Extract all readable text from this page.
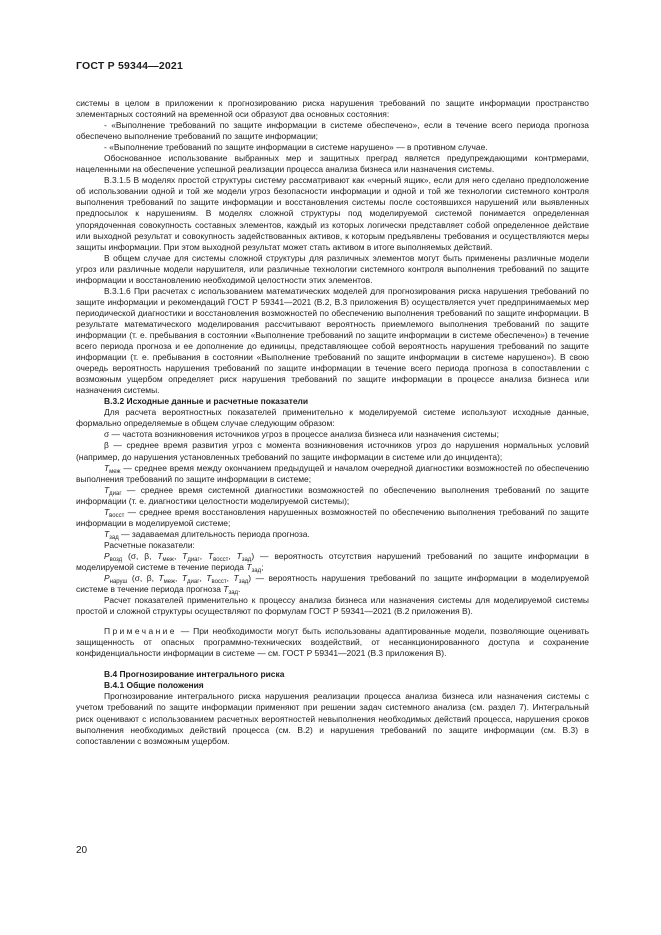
ГОСТ Р 59344—2021

системы в целом в приложении к прогнозированию риска нарушения требований по защите информации пространство элементарных состояний на временной оси образуют два основных состояния:

- «Выполнение требований по защите информации в системе обеспечено», если в течение всего периода прогноза обеспечено выполнение требований по защите информации;

- «Выполнение требований по защите информации в системе нарушено» — в противном случае.

Обоснованное использование выбранных мер и защитных преград является предупреждающими контрмерами, нацеленными на обеспечение успешной реализации процесса анализа бизнеса или назначения системы.

В.3.1.5 В моделях простой структуры систему рассматривают как «черный ящик», если для него сделано предположение об использовании одной и той же модели угроз безопасности информации и одной и той же технологии системного контроля выполнения требований по защите информации и восстановления системы после состоявшихся нарушений или выявленных предпосылок к нарушениям. В моделях сложной структуры под моделируемой системой понимается определенная упорядоченная совокупность составных элементов, каждый из которых логически представляет собой определенное действие или выходной результат и совокупность задействованных активов, к которым предъявлены требования и осуществляются меры защиты информации. При этом выходной результат может стать активом в итоге выполняемых действий.

В общем случае для системы сложной структуры для различных элементов могут быть применены различные модели угроз или различные модели нарушителя, или различные технологии системного контроля выполнения требований по защите информации и восстановлению необходимой целостности этих элементов.

В.3.1.6 При расчетах с использованием математических моделей для прогнозирования риска нарушения требований по защите информации и рекомендаций ГОСТ Р 59341—2021 (В.2, В.3 приложения В) осуществляется учет предпринимаемых мер периодической диагностики и восстановления возможностей по обеспечению выполнения требований по защите информации. В результате математического моделирования рассчитывают вероятность приемлемого выполнения требований по защите информации (т. е. пребывания в состоянии «Выполнение требований по защите информации в системе обеспечено») в течение всего периода прогноза и ее дополнение до единицы, представляющее собой вероятность нарушения требований по защите информации (т. е. пребывания в состоянии «Выполнение требований по защите информации в системе нарушено»). В свою очередь вероятность нарушения требований по защите информации в течение всего периода прогноза в сопоставлении с возможным ущербом определяет риск нарушения требований по защите информации в процессе анализа бизнеса или назначения системы.

В.3.2 Исходные данные и расчетные показатели

Для расчета вероятностных показателей применительно к моделируемой системе используют исходные данные, формально определяемые в общем случае следующим образом:

σ — частота возникновения источников угроз в процессе анализа бизнеса или назначения системы;

β — среднее время развития угроз с момента возникновения источников угроз до нарушения нормальных условий (например, до нарушения установленных требований по защите информации в системе или до инцидента);

$T_{меж}$ — среднее время между окончанием предыдущей и началом очередной диагностики возможностей по обеспечению выполнения требований по защите информации в системе;

$T_{диаг}$ — среднее время системной диагностики возможностей по обеспечению выполнения требований по защите информации (т. е. диагностики целостности моделируемой системы);

$T_{восст}$ — среднее время восстановления нарушенных возможностей по обеспечению выполнения требований по защите информации в моделируемой системе;

$T_{зад}$ — задаваемая длительность периода прогноза.

Расчетные показатели:

$P_{возд}$ (σ, β, $T_{меж}$, $T_{диаг}$, $T_{восст}$, $T_{зад}$) — вероятность отсутствия нарушений требований по защите информации в моделируемой системе в течение периода $T_{зад}$;

$P_{наруш}$ (σ, β, $T_{меж}$, $T_{диаг}$, $T_{восст}$, $T_{зад}$) — вероятность нарушения требований по защите информации в моделируемой системе в течение периода прогноза $T_{зад}$.

Расчет показателей применительно к процессу анализа бизнеса или назначения системы для моделируемой системы простой и сложной структуры осуществляют по формулам ГОСТ Р 59341—2021 (В.2 приложения В).

Примечание — При необходимости могут быть использованы адаптированные модели, позволяющие оценивать защищенность от опасных программно-технических воздействий, от несанкционированного доступа и сохранение конфиденциальности информации в системе — см. ГОСТ Р 59341—2021 (В.3 приложения В).

В.4 Прогнозирование интегрального риска

В.4.1 Общие положения

Прогнозирование интегрального риска нарушения реализации процесса анализа бизнеса или назначения системы с учетом требований по защите информации применяют при решении задач системного анализа (см. раздел 7). Интегральный риск оценивают с использованием расчетных вероятностей невыполнения необходимых действий процесса, нарушения сроков выполнения необходимых действий процесса (см. В.2) и нарушения требований по защите информации (см. В.3) в сопоставлении с возможным ущербом.

20
